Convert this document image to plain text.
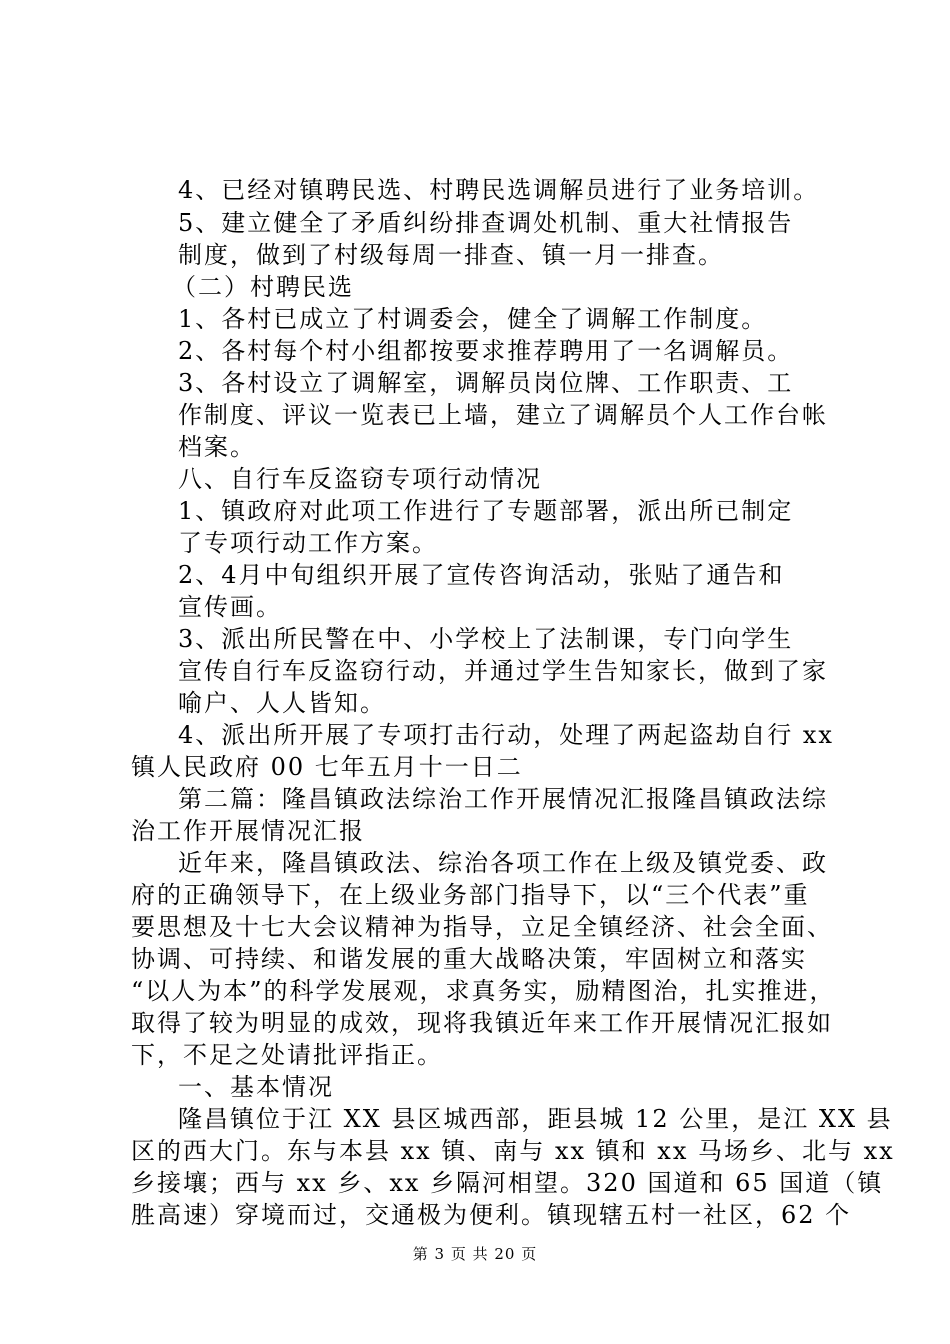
4、已经对镇聘民选、村聘民选调解员进行了业务培训。
5、建立健全了矛盾纠纷排查调处机制、重大社情报告
制度，做到了村级每周一排查、镇一月一排查。
（二）村聘民选
1、各村已成立了村调委会，健全了调解工作制度。
2、各村每个村小组都按要求推荐聘用了一名调解员。
3、各村设立了调解室，调解员岗位牌、工作职责、工
作制度、评议一览表已上墙，建立了调解员个人工作台帐
档案。
八、自行车反盗窃专项行动情况
1、镇政府对此项工作进行了专题部署，派出所已制定
了专项行动工作方案。
2、4月中旬组织开展了宣传咨询活动，张贴了通告和
宣传画。
3、派出所民警在中、小学校上了法制课，专门向学生
宣传自行车反盗窃行动，并通过学生告知家长，做到了家
喻户、人人皆知。
4、派出所开展了专项打击行动，处理了两起盗劫自行 xx
镇人民政府 00 七年五月十一日二
第二篇：隆昌镇政法综治工作开展情况汇报隆昌镇政法综
治工作开展情况汇报
近年来，隆昌镇政法、综治各项工作在上级及镇党委、政
府的正确领导下，在上级业务部门指导下，以“三个代表”重
要思想及十七大会议精神为指导，立足全镇经济、社会全面、
协调、可持续、和谐发展的重大战略决策，牢固树立和落实
“以人为本”的科学发展观，求真务实，励精图治，扎实推进，
取得了较为明显的成效，现将我镇近年来工作开展情况汇报如
下，不足之处请批评指正。
一、基本情况
隆昌镇位于江 XX 县区城西部，距县城 12 公里，是江 XX 县
区的西大门。东与本县 xx 镇、南与 xx 镇和 xx 马场乡、北与 xx
乡接壤；西与 xx 乡、xx 乡隔河相望。320 国道和 65 国道（镇
胜高速）穿境而过，交通极为便利。镇现辖五村一社区，62 个
第 3 页 共 20 页
